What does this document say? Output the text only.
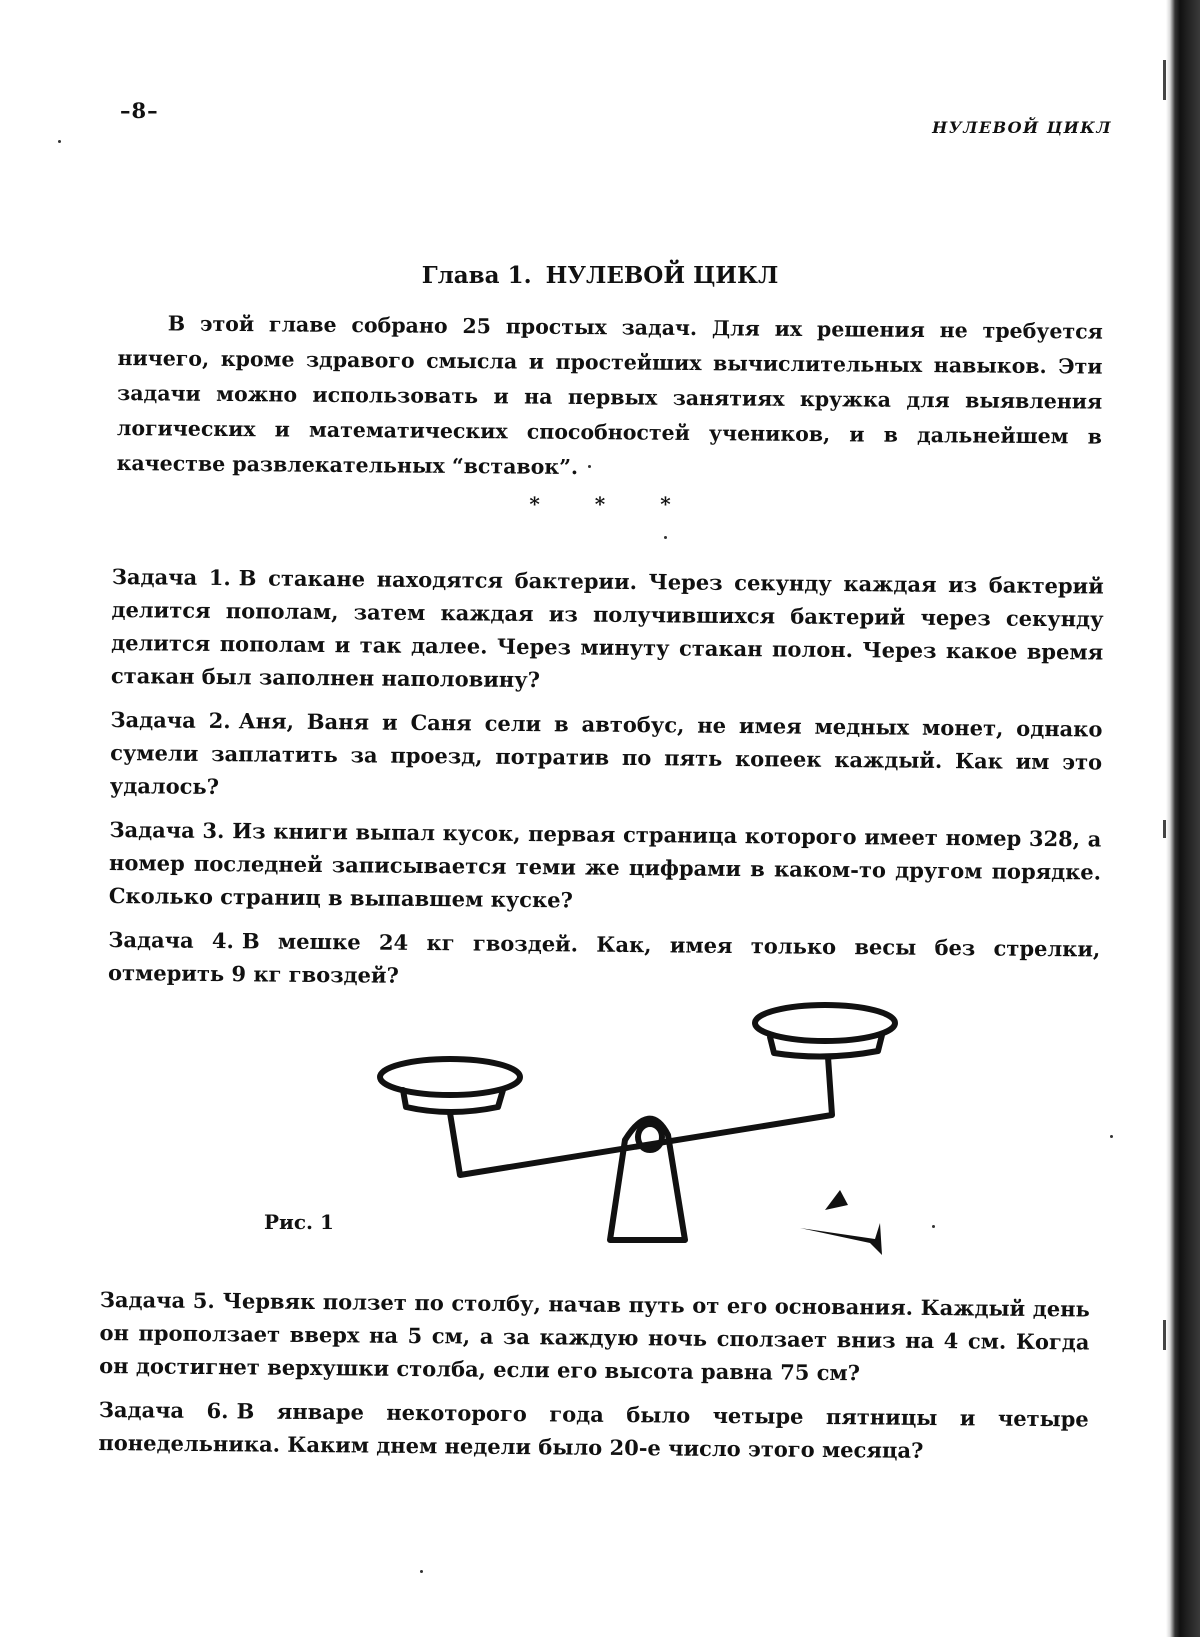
–8–
НУЛЕВОЙ ЦИКЛ
Глава 1. НУЛЕВОЙ ЦИКЛ

В этой главе собрано 25 простых задач. Для их решения не требуется ничего, кроме здравого смысла и простейших вычислительных навыков. Эти задачи можно использовать и на первых занятиях кружка для выявления логических и математических способностей учеников, и в дальнейшем в качестве развлекательных “вставок”.

* * *

Задача 1. В стакане находятся бактерии. Через секунду каждая из бактерий делится пополам, затем каждая из получившихся бактерий через секунду делится пополам и так далее. Через минуту стакан полон. Через какое время стакан был заполнен наполовину?

Задача 2. Аня, Ваня и Саня сели в автобус, не имея медных монет, однако сумели заплатить за проезд, потратив по пять копеек каждый. Как им это удалось?

Задача 3. Из книги выпал кусок, первая страница которого имеет номер 328, а номер последней записывается теми же цифрами в каком-то другом порядке. Сколько страниц в выпавшем куске?

Задача 4. В мешке 24 кг гвоздей. Как, имея только весы без стрелки, отмерить 9 кг гвоздей?

Рис. 1

Задача 5. Червяк ползет по столбу, начав путь от его основания. Каждый день он проползает вверх на 5 см, а за каждую ночь сползает вниз на 4 см. Когда он достигнет верхушки столба, если его высота равна 75 см?

Задача 6. В январе некоторого года было четыре пятницы и четыре понедельника. Каким днем недели было 20-е число этого месяца?
